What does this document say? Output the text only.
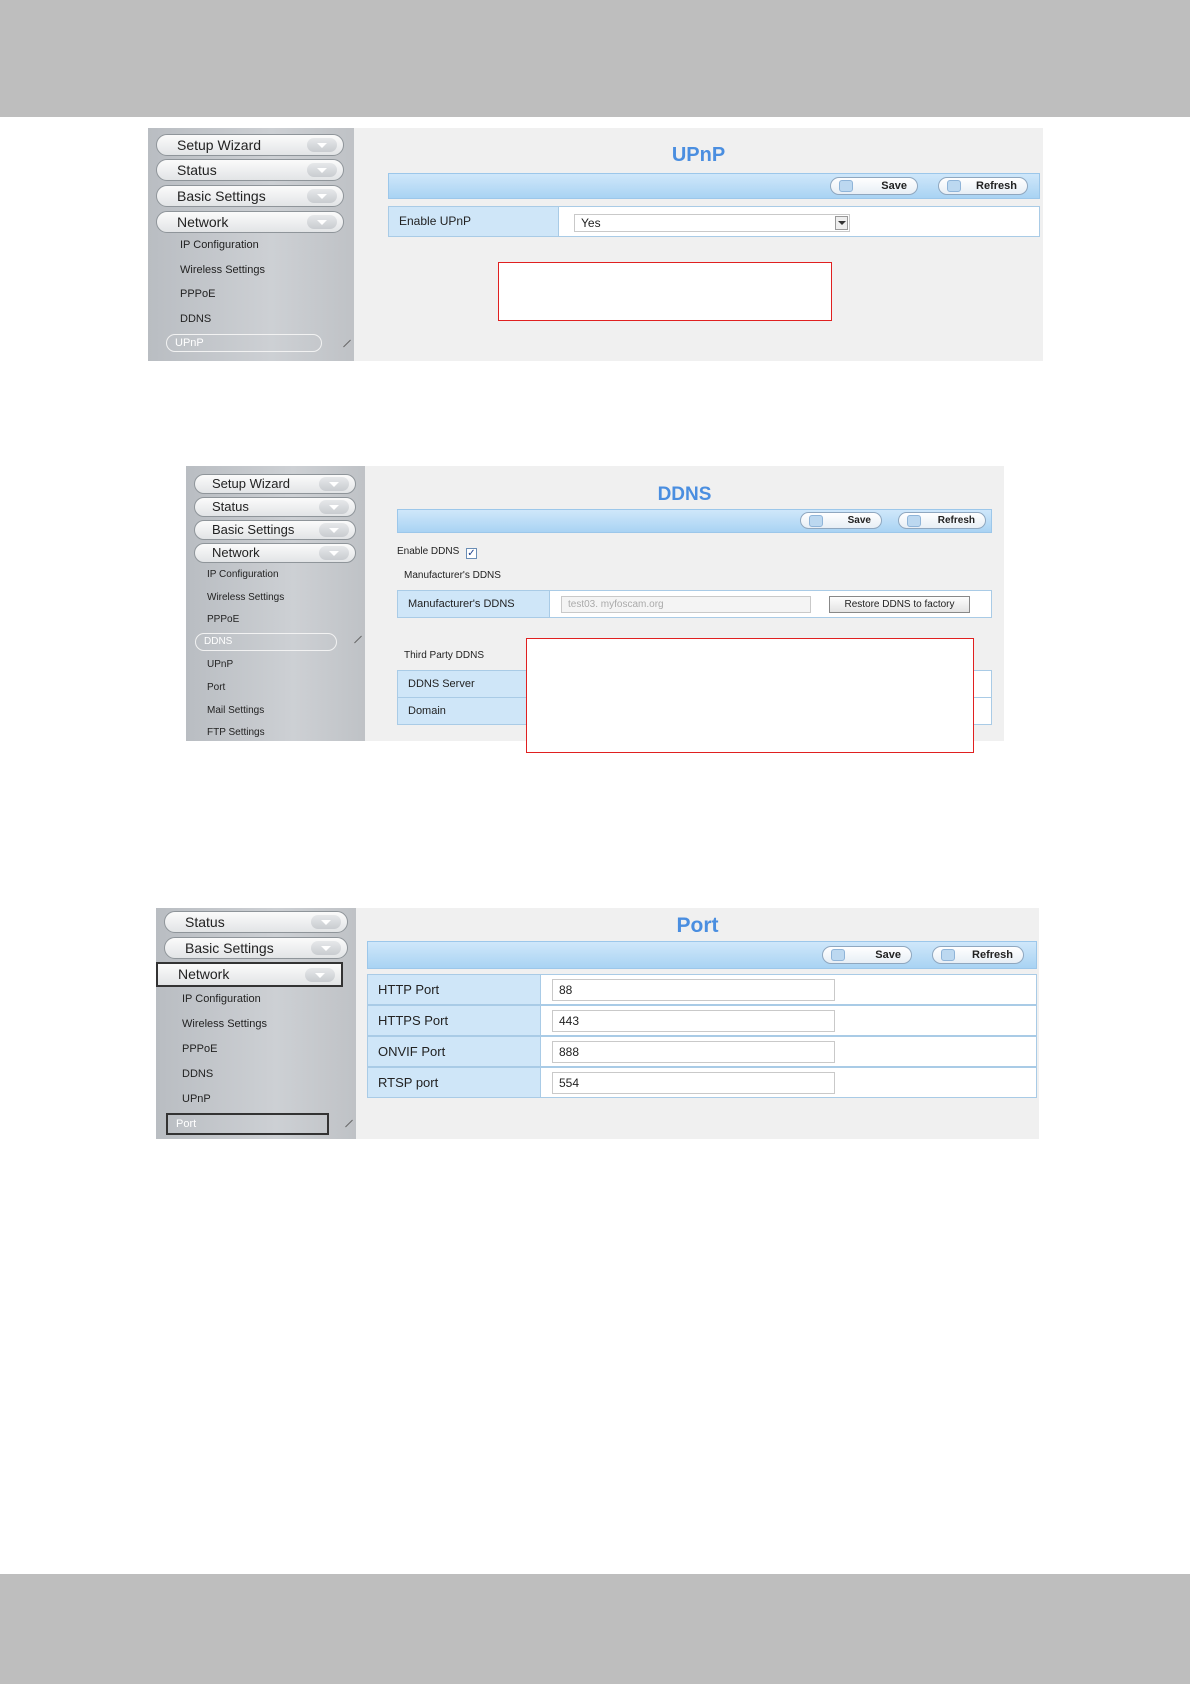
Setup Wizard
Status
Basic Settings
Network
IP Configuration
Wireless Settings
PPPoE
DDNS
UPnP
UPnP
Save	Refresh
Enable UPnP	Yes
Setup Wizard
Status
Basic Settings
Network
IP Configuration
Wireless Settings
PPPoE
DDNS
UPnP
Port
Mail Settings
FTP Settings
DDNS
Save	Refresh
Enable DDNS ✓
Manufacturer's DDNS
Manufacturer's DDNS	test03. myfoscam.org	Restore DDNS to factory
Third Party DDNS
DDNS Server
Domain
Status
Basic Settings
Network
IP Configuration
Wireless Settings
PPPoE
DDNS
UPnP
Port
Port
Save	Refresh
HTTP Port	88
HTTPS Port	443
ONVIF Port	888
RTSP port	554
